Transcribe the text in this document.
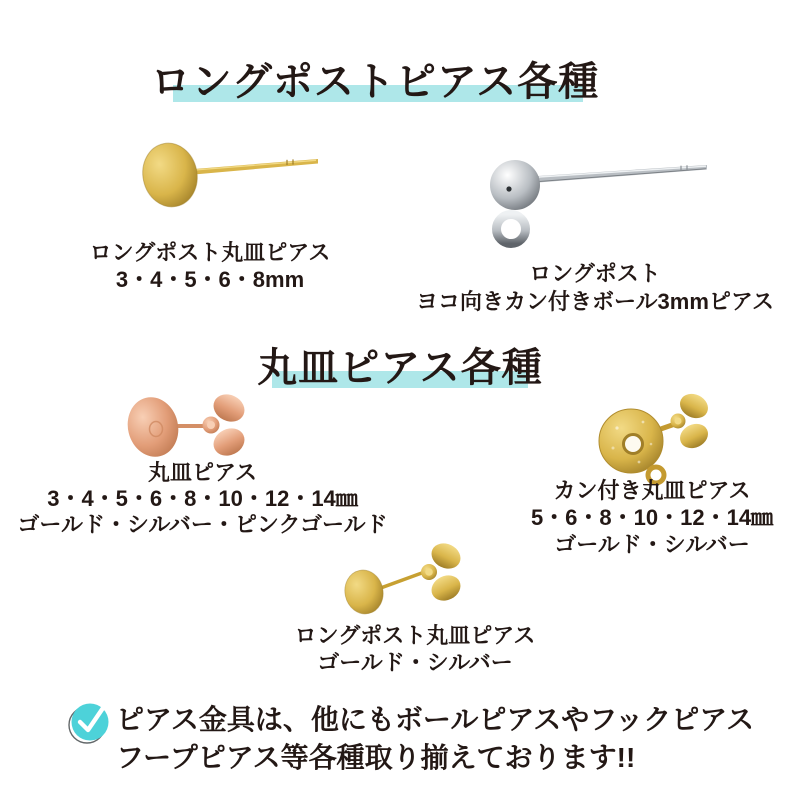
ロングポストピアス各種
ロングポスト丸皿ピアス
3・4・5・6・8mm	ロングポスト
ヨコ向きカン付きボール3mmピアス
丸皿ピアス各種
丸皿ピアス
3・4・5・6・8・10・12・14㎜
ゴールド・シルバー・ピンクゴールド
カン付き丸皿ピアス
5・6・8・10・12・14㎜
ゴールド・シルバー
ロングポスト丸皿ピアス
ゴールド・シルバー
ピアス金具は、他にもボールピアスやフックピアス
フープピアス等各種取り揃えております!!
